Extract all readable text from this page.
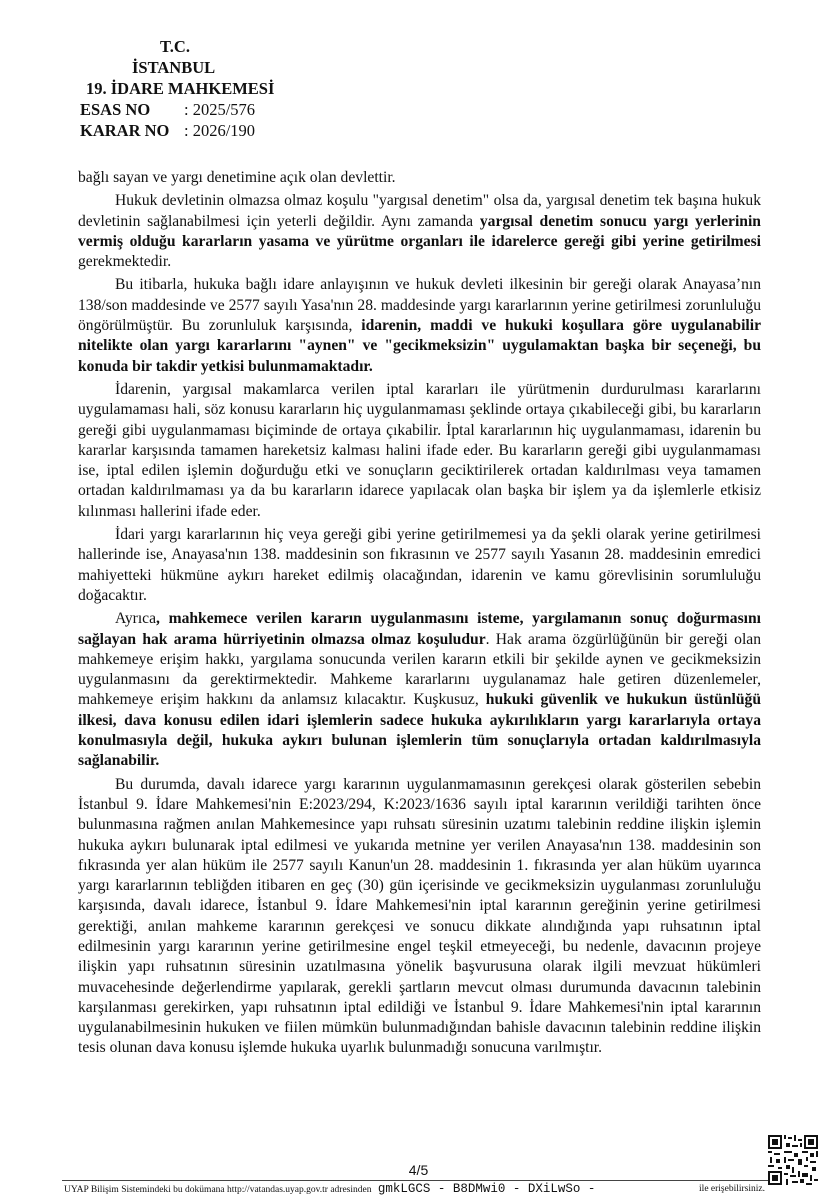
T.C.
İSTANBUL
19. İDARE MAHKEMESİ
ESAS NO	: 2025/576
KARAR NO : 2026/190

bağlı sayan ve yargı denetimine açık olan devlettir.

Hukuk devletinin olmazsa olmaz koşulu "yargısal denetim" olsa da, yargısal denetim tek başına hukuk devletinin sağlanabilmesi için yeterli değildir. Aynı zamanda yargısal denetim sonucu yargı yerlerinin vermiş olduğu kararların yasama ve yürütme organları ile idarelerce gereği gibi yerine getirilmesi gerekmektedir.

Bu itibarla, hukuka bağlı idare anlayışının ve hukuk devleti ilkesinin bir gereği olarak Anayasa’nın 138/son maddesinde ve 2577 sayılı Yasa'nın 28. maddesinde yargı kararlarının yerine getirilmesi zorunluluğu öngörülmüştür. Bu zorunluluk karşısında, idarenin, maddi ve hukuki koşullara göre uygulanabilir nitelikte olan yargı kararlarını "aynen" ve "gecikmeksizin" uygulamaktan başka bir seçeneği, bu konuda bir takdir yetkisi bulunmamaktadır.

İdarenin, yargısal makamlarca verilen iptal kararları ile yürütmenin durdurulması kararlarını uygulamaması hali, söz konusu kararların hiç uygulanmaması şeklinde ortaya çıkabileceği gibi, bu kararların gereği gibi uygulanmaması biçiminde de ortaya çıkabilir. İptal kararlarının hiç uygulanmaması, idarenin bu kararlar karşısında tamamen hareketsiz kalması halini ifade eder. Bu kararların gereği gibi uygulanmaması ise, iptal edilen işlemin doğurduğu etki ve sonuçların geciktirilerek ortadan kaldırılması veya tamamen ortadan kaldırılmaması ya da bu kararların idarece yapılacak olan başka bir işlem ya da işlemlerle etkisiz kılınması hallerini ifade eder.

İdari yargı kararlarının hiç veya gereği gibi yerine getirilmemesi ya da şekli olarak yerine getirilmesi hallerinde ise, Anayasa'nın 138. maddesinin son fıkrasının ve 2577 sayılı Yasanın 28. maddesinin emredici mahiyetteki hükmüne aykırı hareket edilmiş olacağından, idarenin ve kamu görevlisinin sorumluluğu doğacaktır.

Ayrıca, mahkemece verilen kararın uygulanmasını isteme, yargılamanın sonuç doğurmasını sağlayan hak arama hürriyetinin olmazsa olmaz koşuludur. Hak arama özgürlüğünün bir gereği olan mahkemeye erişim hakkı, yargılama sonucunda verilen kararın etkili bir şekilde aynen ve gecikmeksizin uygulanmasını da gerektirmektedir. Mahkeme kararlarını uygulanamaz hale getiren düzenlemeler, mahkemeye erişim hakkını da anlamsız kılacaktır. Kuşkusuz, hukuki güvenlik ve hukukun üstünlüğü ilkesi, dava konusu edilen idari işlemlerin sadece hukuka aykırılıkların yargı kararlarıyla ortaya konulmasıyla değil, hukuka aykırı bulunan işlemlerin tüm sonuçlarıyla ortadan kaldırılmasıyla sağlanabilir.

Bu durumda, davalı idarece yargı kararının uygulanmamasının gerekçesi olarak gösterilen sebebin İstanbul 9. İdare Mahkemesi'nin E:2023/294, K:2023/1636 sayılı iptal kararının verildiği tarihten önce bulunmasına rağmen anılan Mahkemesince yapı ruhsatı süresinin uzatımı talebinin reddine ilişkin işlemin hukuka aykırı bulunarak iptal edilmesi ve yukarıda metnine yer verilen Anayasa'nın 138. maddesinin son fıkrasında yer alan hüküm ile 2577 sayılı Kanun'un 28. maddesinin 1. fıkrasında yer alan hüküm uyarınca yargı kararlarının tebliğden itibaren en geç (30) gün içerisinde ve gecikmeksizin uygulanması zorunluluğu karşısında, davalı idarece, İstanbul 9. İdare Mahkemesi'nin iptal kararının gereğinin yerine getirilmesi gerektiği, anılan mahkeme kararının gerekçesi ve sonucu dikkate alındığında yapı ruhsatının iptal edilmesinin yargı kararının yerine getirilmesine engel teşkil etmeyeceği, bu nedenle, davacının projeye ilişkin yapı ruhsatının süresinin uzatılmasına yönelik başvurusuna olarak ilgili mevzuat hükümleri muvacehesinde değerlendirme yapılarak, gerekli şartların mevcut olması durumunda davacının talebinin karşılanması gerekirken, yapı ruhsatının iptal edildiği ve İstanbul 9. İdare Mahkemesi'nin iptal kararının uygulanabilmesinin hukuken ve fiilen mümkün bulunmadığından bahisle davacının talebinin reddine ilişkin tesis olunan dava konusu işlemde hukuka uyarlık bulunmadığı sonucuna varılmıştır.

4/5
UYAP Bilişim Sistemindeki bu dokümana http://vatandas.uyap.gov.tr adresinden gmkLGCS - B8DMwi0 - DXiLwSo -	ile erişebilirsiniz.
